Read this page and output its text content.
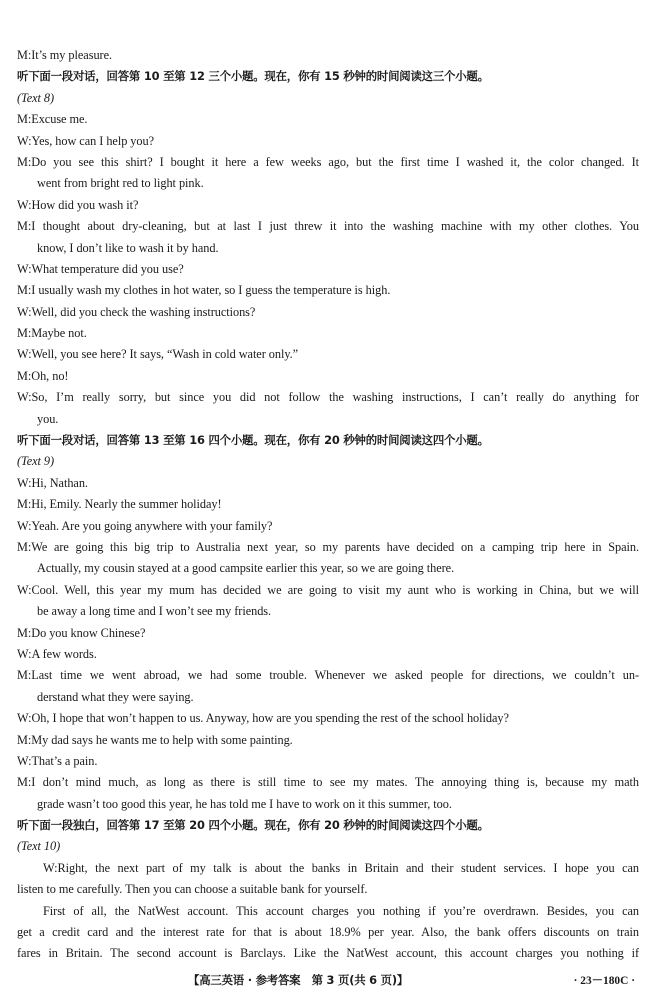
M:It’s my pleasure.
听下面一段对话，回答第 10 至第 12 三个小题。现在，你有 15 秒钟的时间阅读这三个小题。
(Text 8)
M:Excuse me.
W:Yes, how can I help you?
M:Do you see this shirt? I bought it here a few weeks ago, but the first time I washed it, the color changed. It
went from bright red to light pink.
W:How did you wash it?
M:I thought about dry-cleaning, but at last I just threw it into the washing machine with my other clothes. You
know, I don’t like to wash it by hand.
W:What temperature did you use?
M:I usually wash my clothes in hot water, so I guess the temperature is high.
W:Well, did you check the washing instructions?
M:Maybe not.
W:Well, you see here? It says, “Wash in cold water only.”
M:Oh, no!
W:So, I’m really sorry, but since you did not follow the washing instructions, I can’t really do anything for
you.
听下面一段对话，回答第 13 至第 16 四个小题。现在，你有 20 秒钟的时间阅读这四个小题。
(Text 9)
W:Hi, Nathan.
M:Hi, Emily. Nearly the summer holiday!
W:Yeah. Are you going anywhere with your family?
M:We are going this big trip to Australia next year, so my parents have decided on a camping trip here in Spain.
Actually, my cousin stayed at a good campsite earlier this year, so we are going there.
W:Cool. Well, this year my mum has decided we are going to visit my aunt who is working in China, but we will
be away a long time and I won’t see my friends.
M:Do you know Chinese?
W:A few words.
M:Last time we went abroad, we had some trouble. Whenever we asked people for directions, we couldn’t un-
derstand what they were saying.
W:Oh, I hope that won’t happen to us. Anyway, how are you spending the rest of the school holiday?
M:My dad says he wants me to help with some painting.
W:That’s a pain.
M:I don’t mind much, as long as there is still time to see my mates. The annoying thing is, because my math
grade wasn’t too good this year, he has told me I have to work on it this summer, too.
听下面一段独白，回答第 17 至第 20 四个小题。现在，你有 20 秒钟的时间阅读这四个小题。
(Text 10)
W:Right, the next part of my talk is about the banks in Britain and their student services. I hope you can
listen to me carefully. Then you can choose a suitable bank for yourself.
First of all, the NatWest account. This account charges you nothing if you’re overdrawn. Besides, you can
get a credit card and the interest rate for that is about 18.9% per year. Also, the bank offers discounts on train
fares in Britain. The second account is Barclays. Like the NatWest account, this account charges you nothing if
【高三英语 · 参考答案　第 3 页(共 6 页)】	· 23－180C ·
